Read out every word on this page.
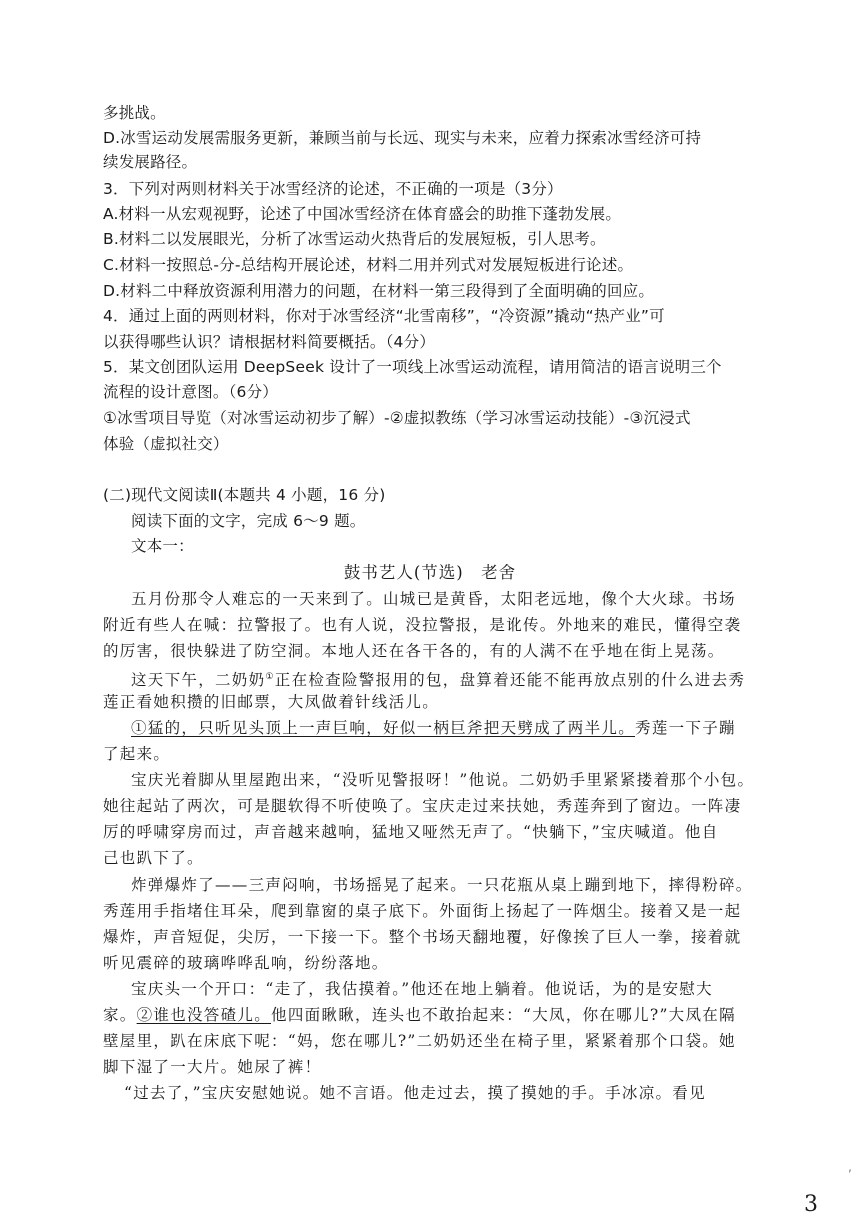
多挑战。
D.冰雪运动发展需服务更新，兼顾当前与长远、现实与未来，应着力探索冰雪经济可持
续发展路径。
3．下列对两则材料关于冰雪经济的论述，不正确的一项是（3分）
A.材料一从宏观视野，论述了中国冰雪经济在体育盛会的助推下蓬勃发展。
B.材料二以发展眼光，分析了冰雪运动火热背后的发展短板，引人思考。
C.材料一按照总-分-总结构开展论述，材料二用并列式对发展短板进行论述。
D.材料二中释放资源利用潜力的问题，在材料一第三段得到了全面明确的回应。
4．通过上面的两则材料，你对于冰雪经济“北雪南移”，“冷资源”撬动“热产业”可
以获得哪些认识？请根据材料简要概括。（4分）
5．某文创团队运用 DeepSeek 设计了一项线上冰雪运动流程，请用简洁的语言说明三个
流程的设计意图。（6分）
①冰雪项目导览（对冰雪运动初步了解）-②虚拟教练（学习冰雪运动技能）-③沉浸式
体验（虚拟社交）
(二)现代文阅读Ⅱ(本题共 4 小题，16 分)
阅读下面的文字，完成 6～9 题。
文本一：
鼓书艺人(节选)　老舍
五月份那令人难忘的一天来到了。山城已是黄昏，太阳老远地，像个大火球。书场
附近有些人在喊：拉警报了。也有人说，没拉警报，是讹传。外地来的难民，懂得空袭
的厉害，很快躲进了防空洞。本地人还在各干各的，有的人满不在乎地在街上晃荡。
这天下午，二奶奶①正在检查险警报用的包，盘算着还能不能再放点别的什么进去秀
莲正看她积攒的旧邮票，大凤做着针线活儿。
①猛的，只听见头顶上一声巨响，好似一柄巨斧把天劈成了两半儿。秀莲一下子蹦
了起来。
宝庆光着脚从里屋跑出来，“没听见警报呀！”他说。二奶奶手里紧紧搂着那个小包。
她往起站了两次，可是腿软得不听使唤了。宝庆走过来扶她，秀莲奔到了窗边。一阵凄
厉的呼啸穿房而过，声音越来越响，猛地又哑然无声了。“快躺下，”宝庆喊道。他自
己也趴下了。
炸弹爆炸了——三声闷响，书场摇晃了起来。一只花瓶从桌上蹦到地下，摔得粉碎。
秀莲用手指堵住耳朵，爬到靠窗的桌子底下。外面街上扬起了一阵烟尘。接着又是一起
爆炸，声音短促，尖厉，一下接一下。整个书场天翻地覆，好像挨了巨人一拳，接着就
听见震碎的玻璃哗哗乱响，纷纷落地。
宝庆头一个开口：“走了，我估摸着。”他还在地上躺着。他说话，为的是安慰大
家。②谁也没答碴儿。他四面瞅瞅，连头也不敢抬起来：“大凤，你在哪儿?”大凤在隔
壁屋里，趴在床底下呢：“妈，您在哪儿?”二奶奶还坐在椅子里，紧紧着那个口袋。她
脚下湿了一大片。她尿了裤！
“过去了，”宝庆安慰她说。她不言语。他走过去，摸了摸她的手。手冰凉。看见
‚
3
